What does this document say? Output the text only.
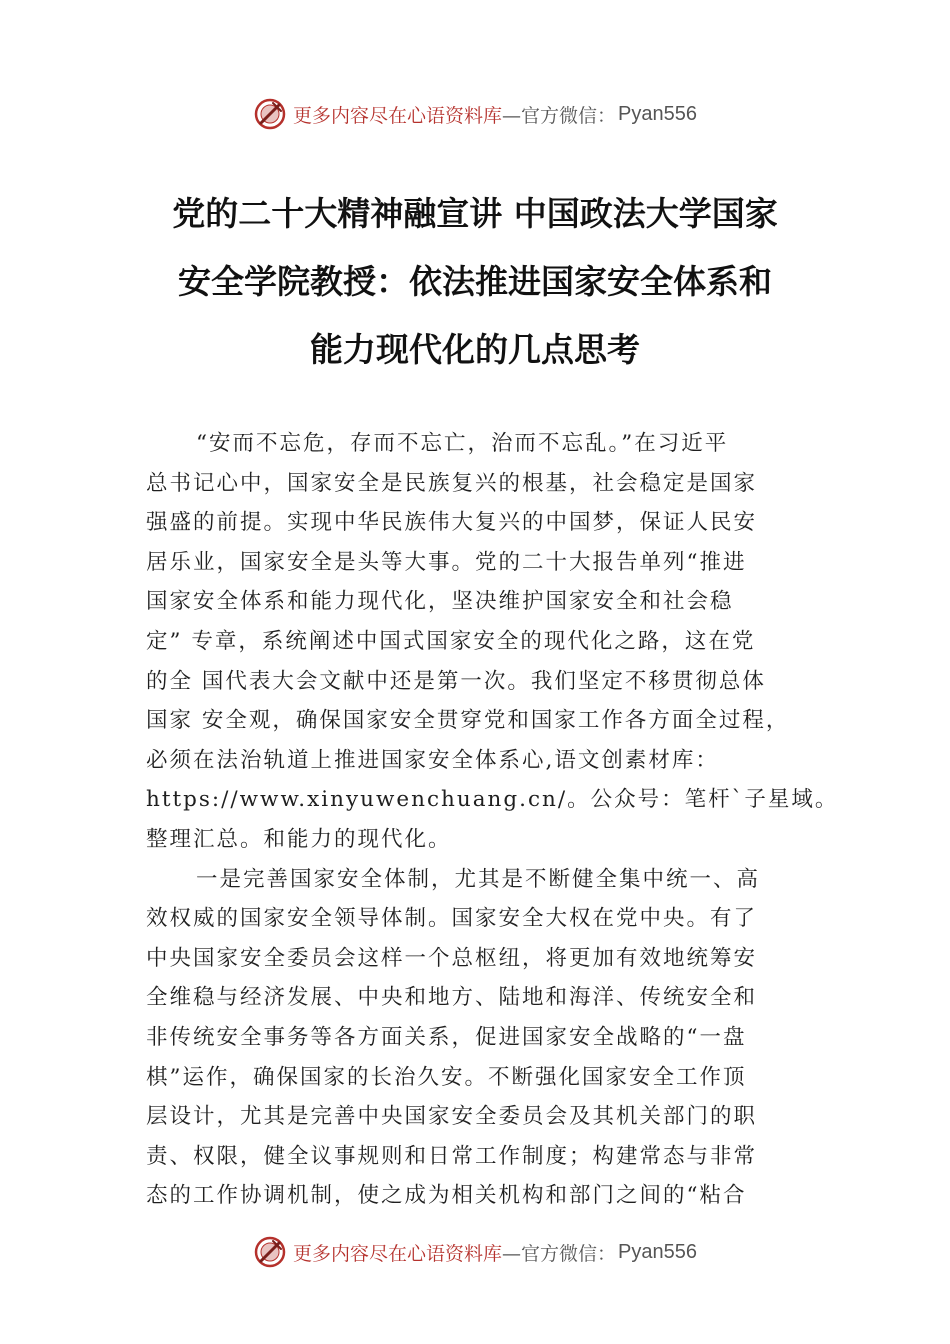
更多内容尽在心语资料库 —官方微信： Pyan556
党的二十大精神融宣讲 中国政法大学国家
安全学院教授：依法推进国家安全体系和
能力现代化的几点思考
“安而不忘危，存而不忘亡，治而不忘乱。”在习近平
总书记心中，国家安全是民族复兴的根基，社会稳定是国家
强盛的前提。实现中华民族伟大复兴的中国梦，保证人民安
居乐业，国家安全是头等大事。党的二十大报告单列“推进
国家安全体系和能力现代化，坚决维护国家安全和社会稳
定” 专章，系统阐述中国式国家安全的现代化之路，这在党
的全 国代表大会文献中还是第一次。我们坚定不移贯彻总体
国家 安全观，确保国家安全贯穿党和国家工作各方面全过程，
必须在法治轨道上推进国家安全体系心,语文创素材库：
https://www.xinyuwenchuang.cn/。公众号：笔杆`子星域。
整理汇总。和能力的现代化。
一是完善国家安全体制，尤其是不断健全集中统一、高
效权威的国家安全领导体制。国家安全大权在党中央。有了
中央国家安全委员会这样一个总枢纽，将更加有效地统筹安
全维稳与经济发展、中央和地方、陆地和海洋、传统安全和
非传统安全事务等各方面关系，促进国家安全战略的“一盘
棋”运作，确保国家的长治久安。不断强化国家安全工作顶
层设计，尤其是完善中央国家安全委员会及其机关部门的职
责、权限，健全议事规则和日常工作制度；构建常态与非常
态的工作协调机制，使之成为相关机构和部门之间的“粘合
更多内容尽在心语资料库 —官方微信： Pyan556
